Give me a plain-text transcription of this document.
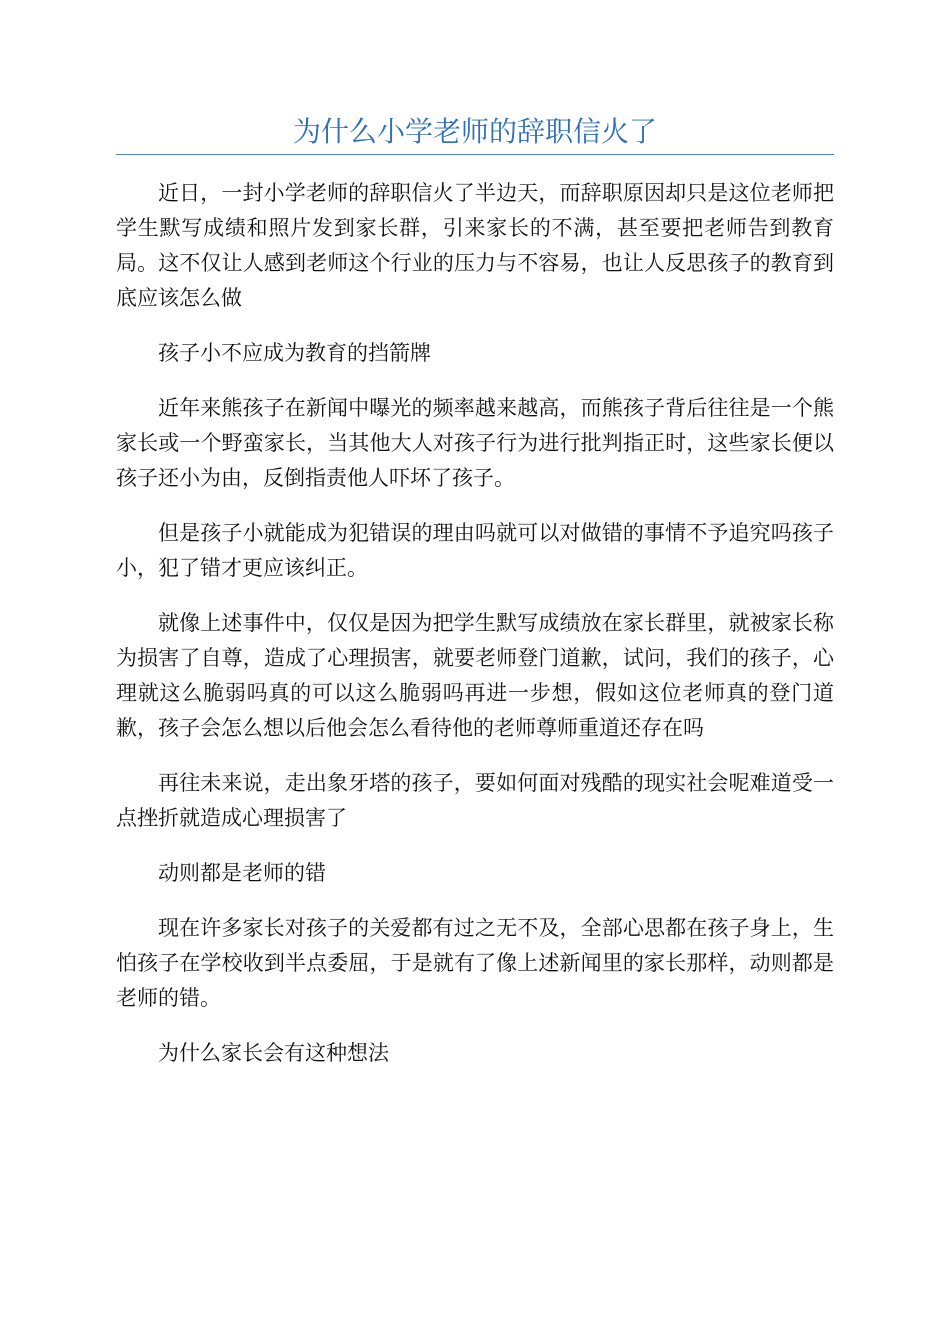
为什么小学老师的辞职信火了

近日，一封小学老师的辞职信火了半边天，而辞职原因却只是这位老师把学生默写成绩和照片发到家长群，引来家长的不满，甚至要把老师告到教育局。这不仅让人感到老师这个行业的压力与不容易，也让人反思孩子的教育到底应该怎么做

孩子小不应成为教育的挡箭牌

近年来熊孩子在新闻中曝光的频率越来越高，而熊孩子背后往往是一个熊家长或一个野蛮家长，当其他大人对孩子行为进行批判指正时，这些家长便以孩子还小为由，反倒指责他人吓坏了孩子。

但是孩子小就能成为犯错误的理由吗就可以对做错的事情不予追究吗孩子小，犯了错才更应该纠正。

就像上述事件中，仅仅是因为把学生默写成绩放在家长群里，就被家长称为损害了自尊，造成了心理损害，就要老师登门道歉，试问，我们的孩子，心理就这么脆弱吗真的可以这么脆弱吗再进一步想，假如这位老师真的登门道歉，孩子会怎么想以后他会怎么看待他的老师尊师重道还存在吗

再往未来说，走出象牙塔的孩子，要如何面对残酷的现实社会呢难道受一点挫折就造成心理损害了

动则都是老师的错

现在许多家长对孩子的关爱都有过之无不及，全部心思都在孩子身上，生怕孩子在学校收到半点委屈，于是就有了像上述新闻里的家长那样，动则都是老师的错。

为什么家长会有这种想法
